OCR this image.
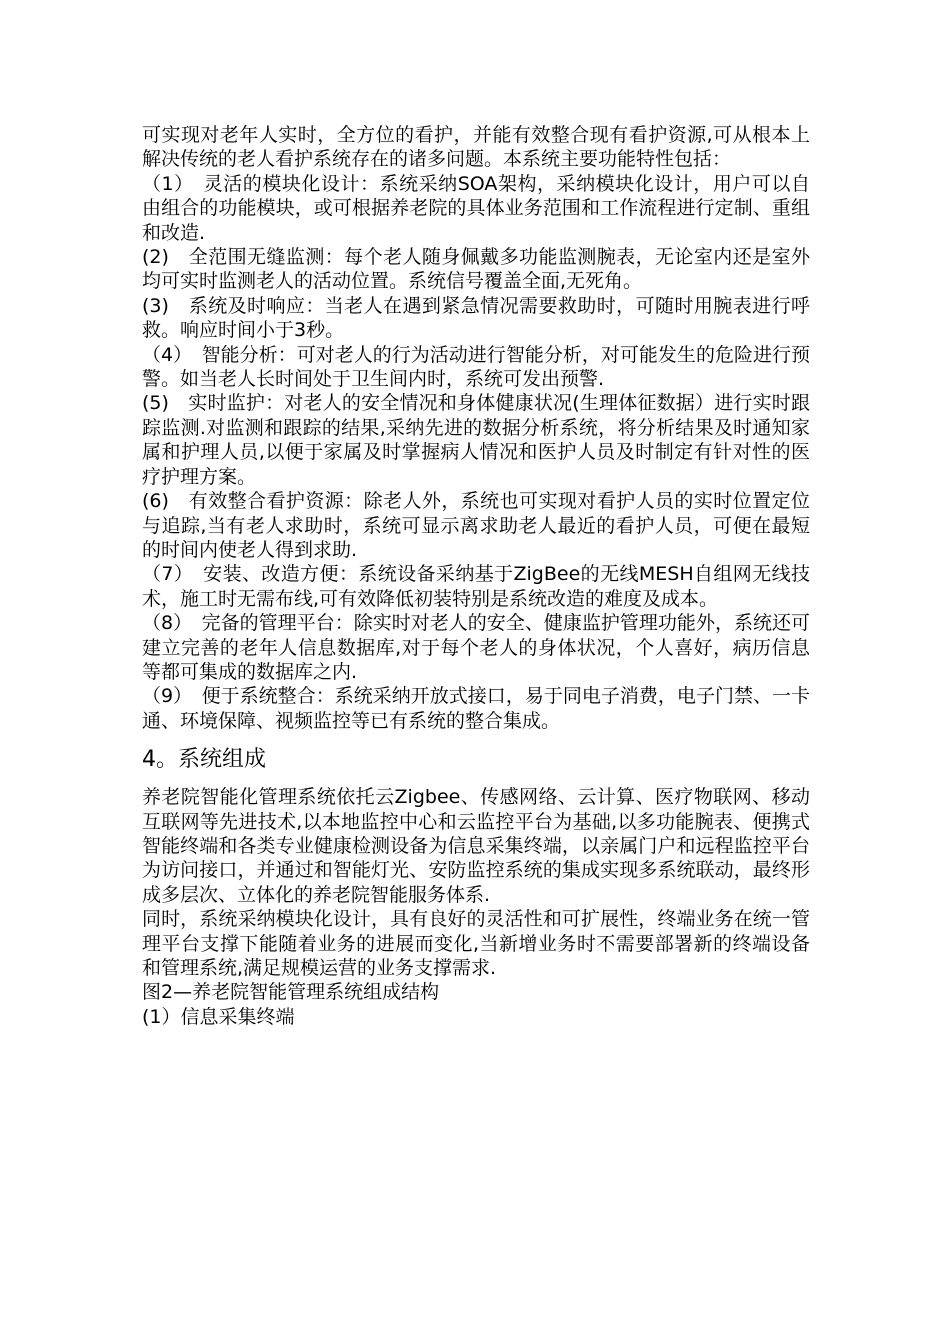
可实现对老年人实时，全方位的看护，并能有效整合现有看护资源,可从根本上解决传统的老人看护系统存在的诸多问题。本系统主要功能特性包括：

（1）　灵活的模块化设计：系统采纳SOA架构，采纳模块化设计，用户可以自由组合的功能模块，或可根据养老院的具体业务范围和工作流程进行定制、重组和改造.

(2)　全范围无缝监测：每个老人随身佩戴多功能监测腕表，无论室内还是室外均可实时监测老人的活动位置。系统信号覆盖全面,无死角。

(3)　系统及时响应：当老人在遇到紧急情况需要救助时，可随时用腕表进行呼救。响应时间小于3秒。

（4）　智能分析：可对老人的行为活动进行智能分析，对可能发生的危险进行预警。如当老人长时间处于卫生间内时，系统可发出预警.

(5)　实时监护：对老人的安全情况和身体健康状况(生理体征数据）进行实时跟踪监测.对监测和跟踪的结果,采纳先进的数据分析系统，将分析结果及时通知家属和护理人员,以便于家属及时掌握病人情况和医护人员及时制定有针对性的医疗护理方案。

(6)　有效整合看护资源：除老人外，系统也可实现对看护人员的实时位置定位与追踪,当有老人求助时，系统可显示离求助老人最近的看护人员，可便在最短的时间内使老人得到求助.

（7）　安装、改造方便：系统设备采纳基于ZigBee的无线MESH自组网无线技术，施工时无需布线,可有效降低初装特别是系统改造的难度及成本。

（8）　完备的管理平台：除实时对老人的安全、健康监护管理功能外，系统还可建立完善的老年人信息数据库,对于每个老人的身体状况，个人喜好，病历信息等都可集成的数据库之内.

（9）　便于系统整合：系统采纳开放式接口，易于同电子消费，电子门禁、一卡通、环境保障、视频监控等已有系统的整合集成。

4。系统组成

养老院智能化管理系统依托云Zigbee、传感网络、云计算、医疗物联网、移动互联网等先进技术,以本地监控中心和云监控平台为基础,以多功能腕表、便携式智能终端和各类专业健康检测设备为信息采集终端，以亲属门户和远程监控平台为访问接口，并通过和智能灯光、安防监控系统的集成实现多系统联动，最终形成多层次、立体化的养老院智能服务体系.

同时，系统采纳模块化设计，具有良好的灵活性和可扩展性，终端业务在统一管理平台支撑下能随着业务的进展而变化,当新增业务时不需要部署新的终端设备和管理系统,满足规模运营的业务支撑需求.

图2—养老院智能管理系统组成结构

(1）信息采集终端
